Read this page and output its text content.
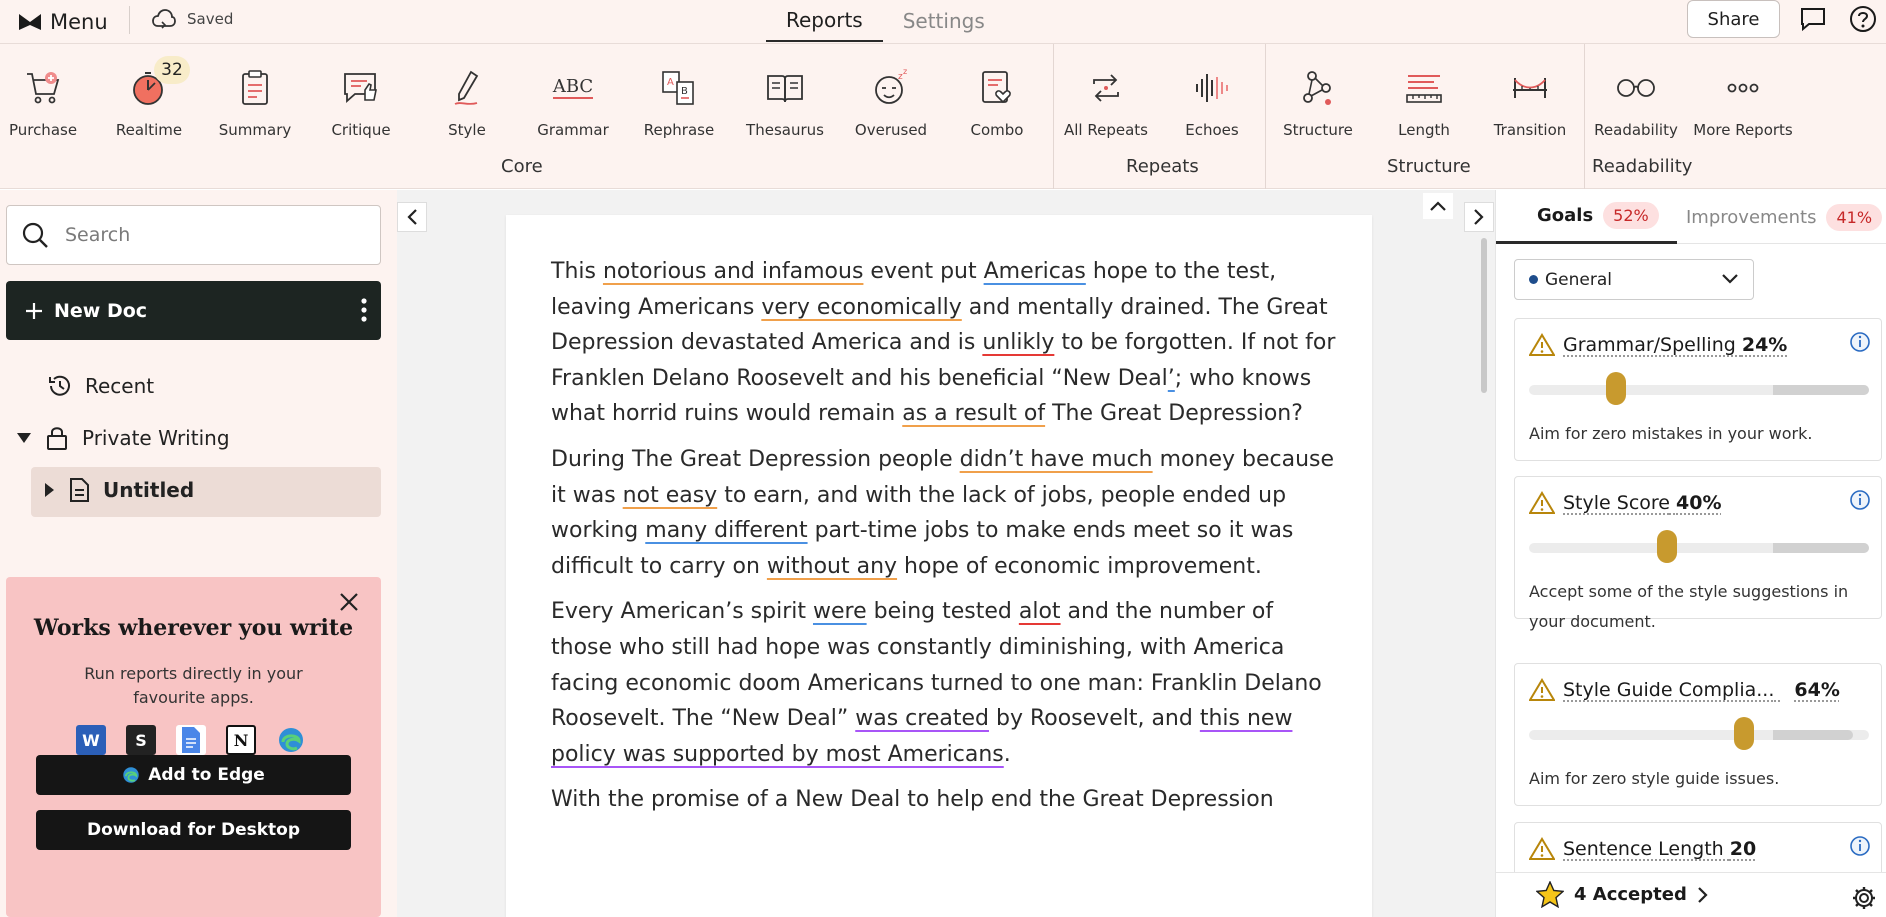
Menu	Saved	Reports	Settings	Share
Purchase
32
Realtime Summary	Critique	Style
ABC
Grammar
A
B
Rephrase Thesaurus
z
z
Overused	Combo	All Repeats Echoes	Structure	Length	Transition Readability More Reports
Core	Repeats	Structure	Readability
Search
New Doc
Recent
Private Writing
Untitled
Works wherever you write
Run reports directly in your favourite apps.
W	S	N
Add to Edge
Download for Desktop

This notorious and infamous event put Americas hope to the test, leaving Americans very economically and mentally drained. The Great Depression devastated America and is unlikly to be forgotten. If not for Franklen Delano Roosevelt and his beneficial “New Deal’; who knows what horrid ruins would remain as a result of The Great Depression?

During The Great Depression people didn’t have much money because it was not easy to earn, and with the lack of jobs, people ended up working many different part-time jobs to make ends meet so it was difficult to carry on without any hope of economic improvement.

Every American’s spirit were being tested alot and the number of those who still had hope was constantly diminishing, with America facing economic doom Americans turned to one man: Franklin Delano Roosevelt. The “New Deal” was created by Roosevelt, and this new policy was supported by most Americans.

With the promise of a New Deal to help end the Great Depression

Goals	52%	Improvements	41%
General
Grammar/Spelling 24%
Aim for zero mistakes in your work.
Style Score 40%
Accept some of the style suggestions in your document.
Style Guide Complia... 64%
Aim for zero style guide issues.
Sentence Length 20
4 Accepted
